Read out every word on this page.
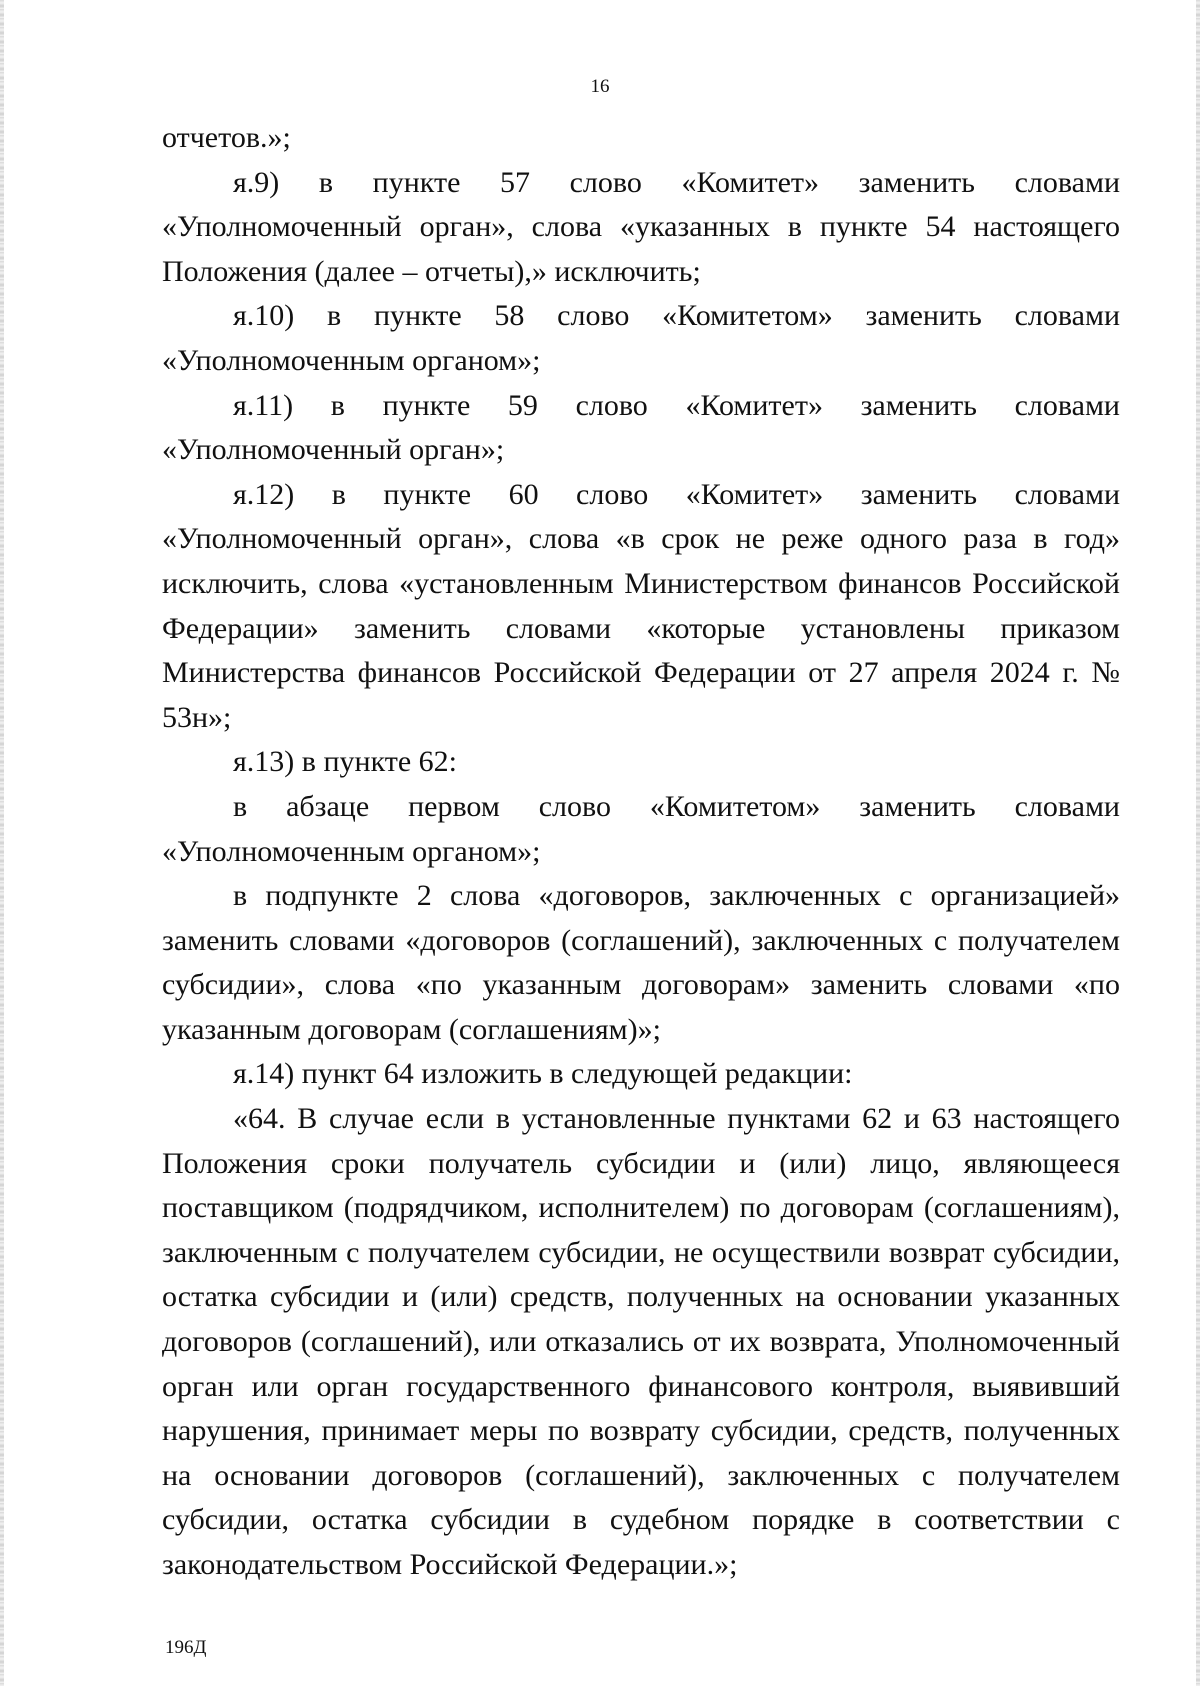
16

отчетов.»;

я.9) в пункте 57 слово «Комитет» заменить словами «Уполномоченный орган», слова «указанных в пункте 54 настоящего Положения (далее – отчеты),» исключить;

я.10) в пункте 58 слово «Комитетом» заменить словами «Уполномоченным органом»;

я.11) в пункте 59 слово «Комитет» заменить словами «Уполномоченный орган»;

я.12) в пункте 60 слово «Комитет» заменить словами «Уполномоченный орган», слова «в срок не реже одного раза в год» исключить, слова «установленным Министерством финансов Российской Федерации» заменить словами «которые установлены приказом Министерства финансов Российской Федерации от 27 апреля 2024 г. № 53н»;

я.13) в пункте 62:

в абзаце первом слово «Комитетом» заменить словами «Уполномоченным органом»;

в подпункте 2 слова «договоров, заключенных с организацией» заменить словами «договоров (соглашений), заключенных с получателем субсидии», слова «по указанным договорам» заменить словами «по указанным договорам (соглашениям)»;

я.14) пункт 64 изложить в следующей редакции:

«64. В случае если в установленные пунктами 62 и 63 настоящего Положения сроки получатель субсидии и (или) лицо, являющееся поставщиком (подрядчиком, исполнителем) по договорам (соглашениям), заключенным с получателем субсидии, не осуществили возврат субсидии, остатка субсидии и (или) средств, полученных на основании указанных договоров (соглашений), или отказались от их возврата, Уполномоченный орган или орган государственного финансового контроля, выявивший нарушения, принимает меры по возврату субсидии, средств, полученных на основании договоров (соглашений), заключенных с получателем субсидии, остатка субсидии в судебном порядке в соответствии с законодательством Российской Федерации.»;

196Д
